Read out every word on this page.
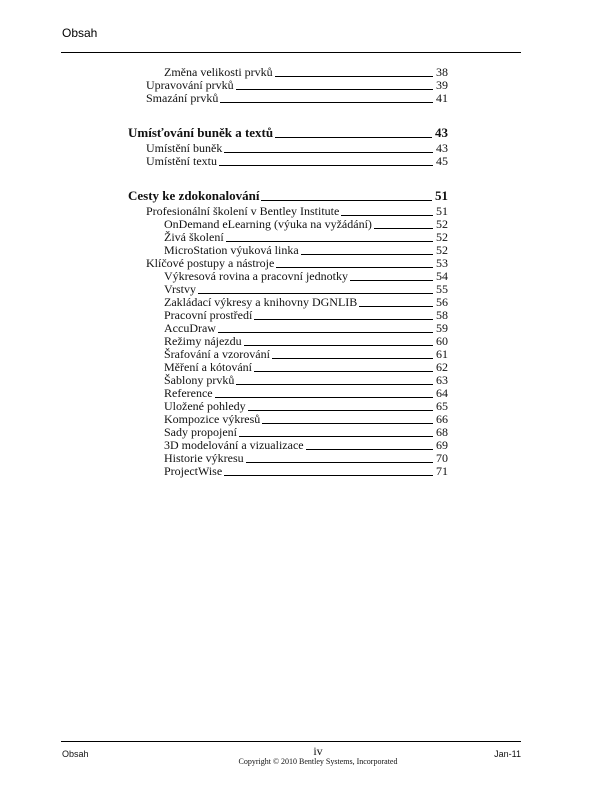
Obsah
Změna velikosti prvků	38
Upravování prvků	39
Smazání prvků	41
Umísťování buněk a textů	43
Umístění buněk	43
Umístění textu	45
Cesty ke zdokonalování	51
Profesionální školení v Bentley Institute	51
OnDemand eLearning (výuka na vyžádání)	52
Živá školení	52
MicroStation výuková linka	52
Klíčové postupy a nástroje	53
Výkresová rovina a pracovní jednotky	54
Vrstvy	55
Zakládací výkresy a knihovny DGNLIB	56
Pracovní prostředí	58
AccuDraw	59
Režimy nájezdu	60
Šrafování a vzorování	61
Měření a kótování	62
Šablony prvků	63
Reference	64
Uložené pohledy	65
Kompozice výkresů	66
Sady propojení	68
3D modelování a vizualizace	69
Historie výkresu	70
ProjectWise	71
Obsah	iv
Copyright © 2010 Bentley Systems, Incorporated
Jan-11
